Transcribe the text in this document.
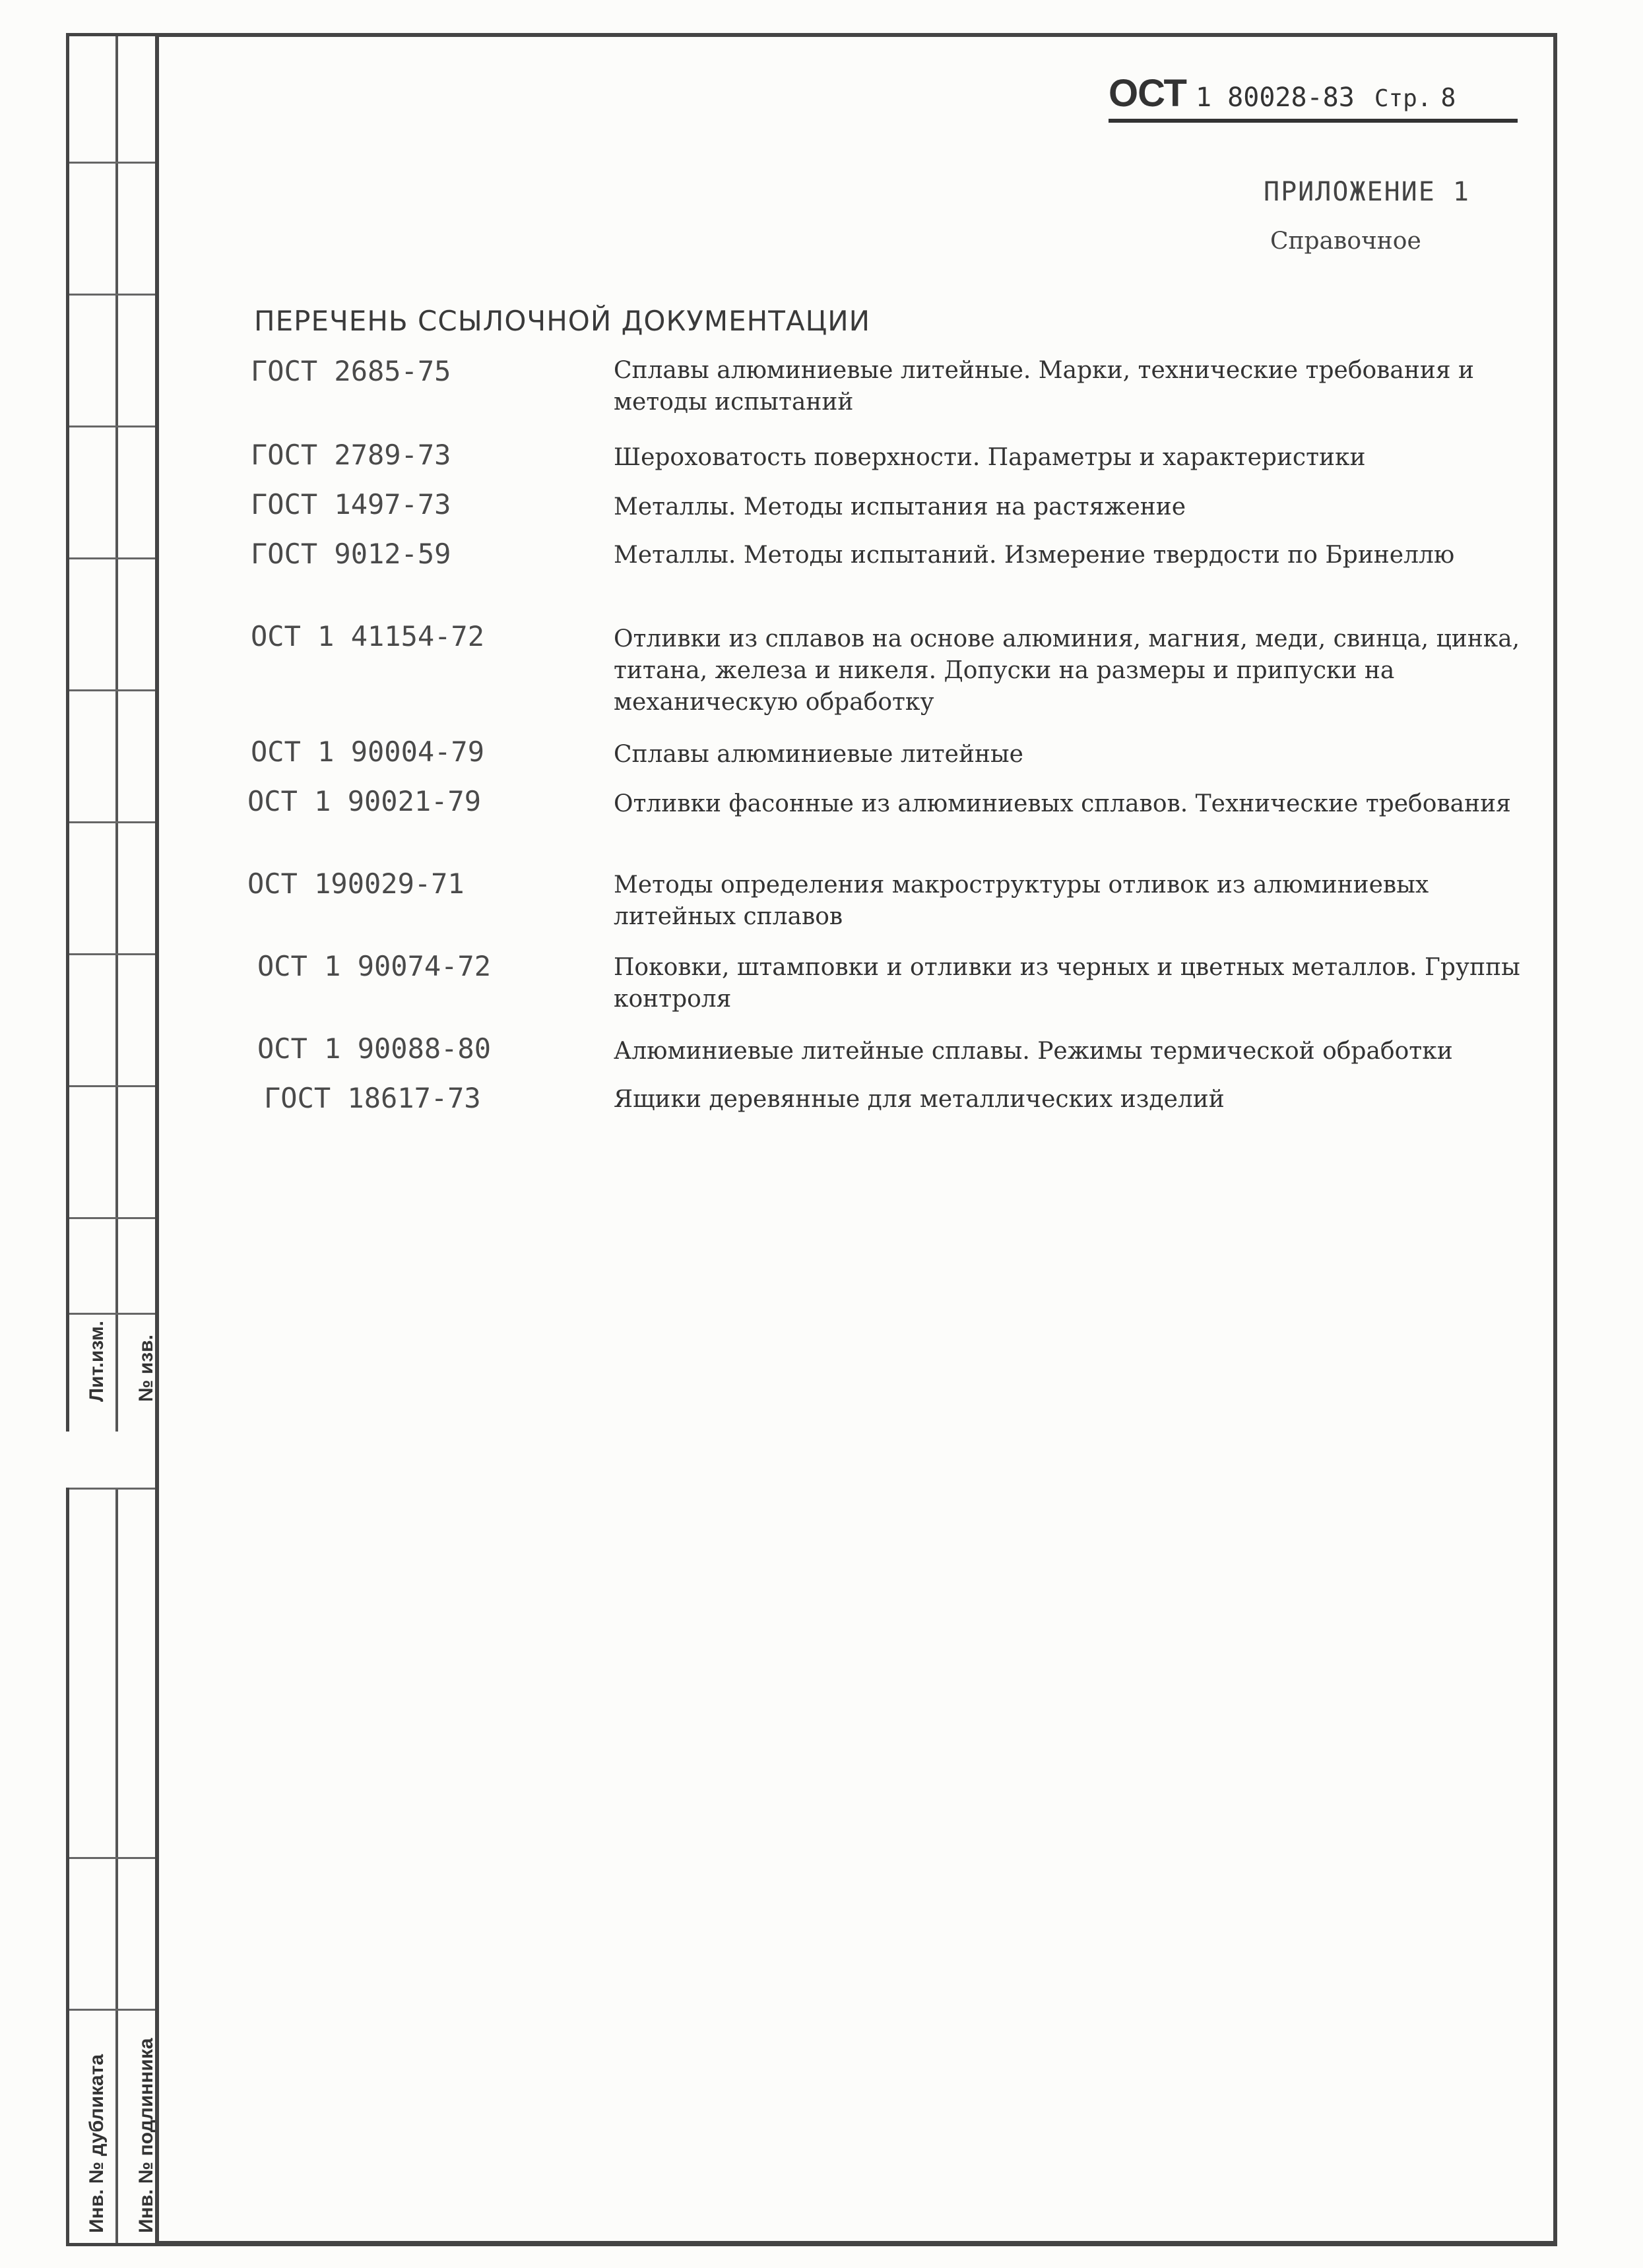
Лит.изм. № изв.
Инв. № дубликата Инв. № подлинника
ОСТ 1 80028-83 Стр. 8
ПРИЛОЖЕНИЕ 1
Справочное
ПЕРЕЧЕНЬ ССЫЛОЧНОЙ ДОКУМЕНТАЦИИ
ГОСТ 2685-75	Сплавы алюминиевые литейные. Марки, технические требования и методы испытаний
ГОСТ 2789-73	Шероховатость поверхности. Параметры и характеристики
ГОСТ 1497-73	Металлы. Методы испытания на растяжение
ГОСТ 9012-59	Металлы. Методы испытаний. Измерение твердости по Бринеллю
ОСТ 1 41154-72	Отливки из сплавов на основе алюминия, магния, меди, свинца, цинка, титана, железа и никеля. Допуски на размеры и припуски на механическую обработку
ОСТ 1 90004-79	Сплавы алюминиевые литейные
ОСТ 1 90021-79	Отливки фасонные из алюминиевых сплавов. Технические требования
ОСТ 190029-71	Методы определения макроструктуры отливок из алюминиевых литейных сплавов
ОСТ 1 90074-72	Поковки, штамповки и отливки из черных и цветных металлов. Группы контроля
ОСТ 1 90088-80	Алюминиевые литейные сплавы. Режимы термической обработки
ГОСТ 18617-73	Ящики деревянные для металлических изделий
